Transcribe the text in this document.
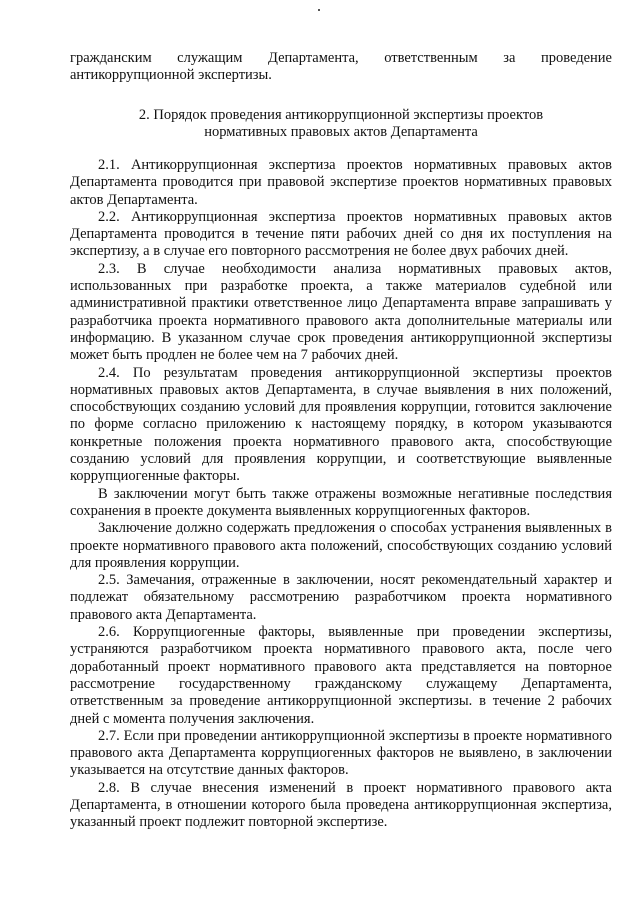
гражданским служащим Департамента, ответственным за проведение антикоррупционной экспертизы.
2. Порядок проведения антикоррупционной экспертизы проектов
нормативных правовых актов Департамента

2.1. Антикоррупционная экспертиза проектов нормативных правовых актов Департамента проводится при правовой экспертизе проектов нормативных правовых актов Департамента.

2.2. Антикоррупционная экспертиза проектов нормативных правовых актов Департамента проводится в течение пяти рабочих дней со дня их поступления на экспертизу, а в случае его повторного рассмотрения не более двух рабочих дней.

2.3. В случае необходимости анализа нормативных правовых актов, использованных при разработке проекта, а также материалов судебной или административной практики ответственное лицо Департамента вправе запрашивать у разработчика проекта нормативного правового акта дополнительные материалы или информацию. В указанном случае срок проведения антикоррупционной экспертизы может быть продлен не более чем на 7 рабочих дней.

2.4. По результатам проведения антикоррупционной экспертизы проектов нормативных правовых актов Департамента, в случае выявления в них положений, способствующих созданию условий для проявления коррупции, готовится заключение по форме согласно приложению к настоящему порядку, в котором указываются конкретные положения проекта нормативного правового акта, способствующие созданию условий для проявления коррупции, и соответствующие выявленные коррупциогенные факторы.

В заключении могут быть также отражены возможные негативные последствия сохранения в проекте документа выявленных коррупциогенных факторов.

Заключение должно содержать предложения о способах устранения выявленных в проекте нормативного правового акта положений, способствующих созданию условий для проявления коррупции.

2.5. Замечания, отраженные в заключении, носят рекомендательный характер и подлежат обязательному рассмотрению разработчиком проекта нормативного правового акта Департамента.

2.6. Коррупциогенные факторы, выявленные при проведении экспертизы, устраняются разработчиком проекта нормативного правового акта, после чего доработанный проект нормативного правового акта представляется на повторное рассмотрение государственному гражданскому служащему Департамента, ответственным за проведение антикоррупционной экспертизы. в течение 2 рабочих дней с момента получения заключения.

2.7. Если при проведении антикоррупционной экспертизы в проекте нормативного правового акта Департамента коррупциогенных факторов не выявлено, в заключении указывается на отсутствие данных факторов.

2.8. В случае внесения изменений в проект нормативного правового акта Департамента, в отношении которого была проведена антикоррупционная экспертиза, указанный проект подлежит повторной экспертизе.
